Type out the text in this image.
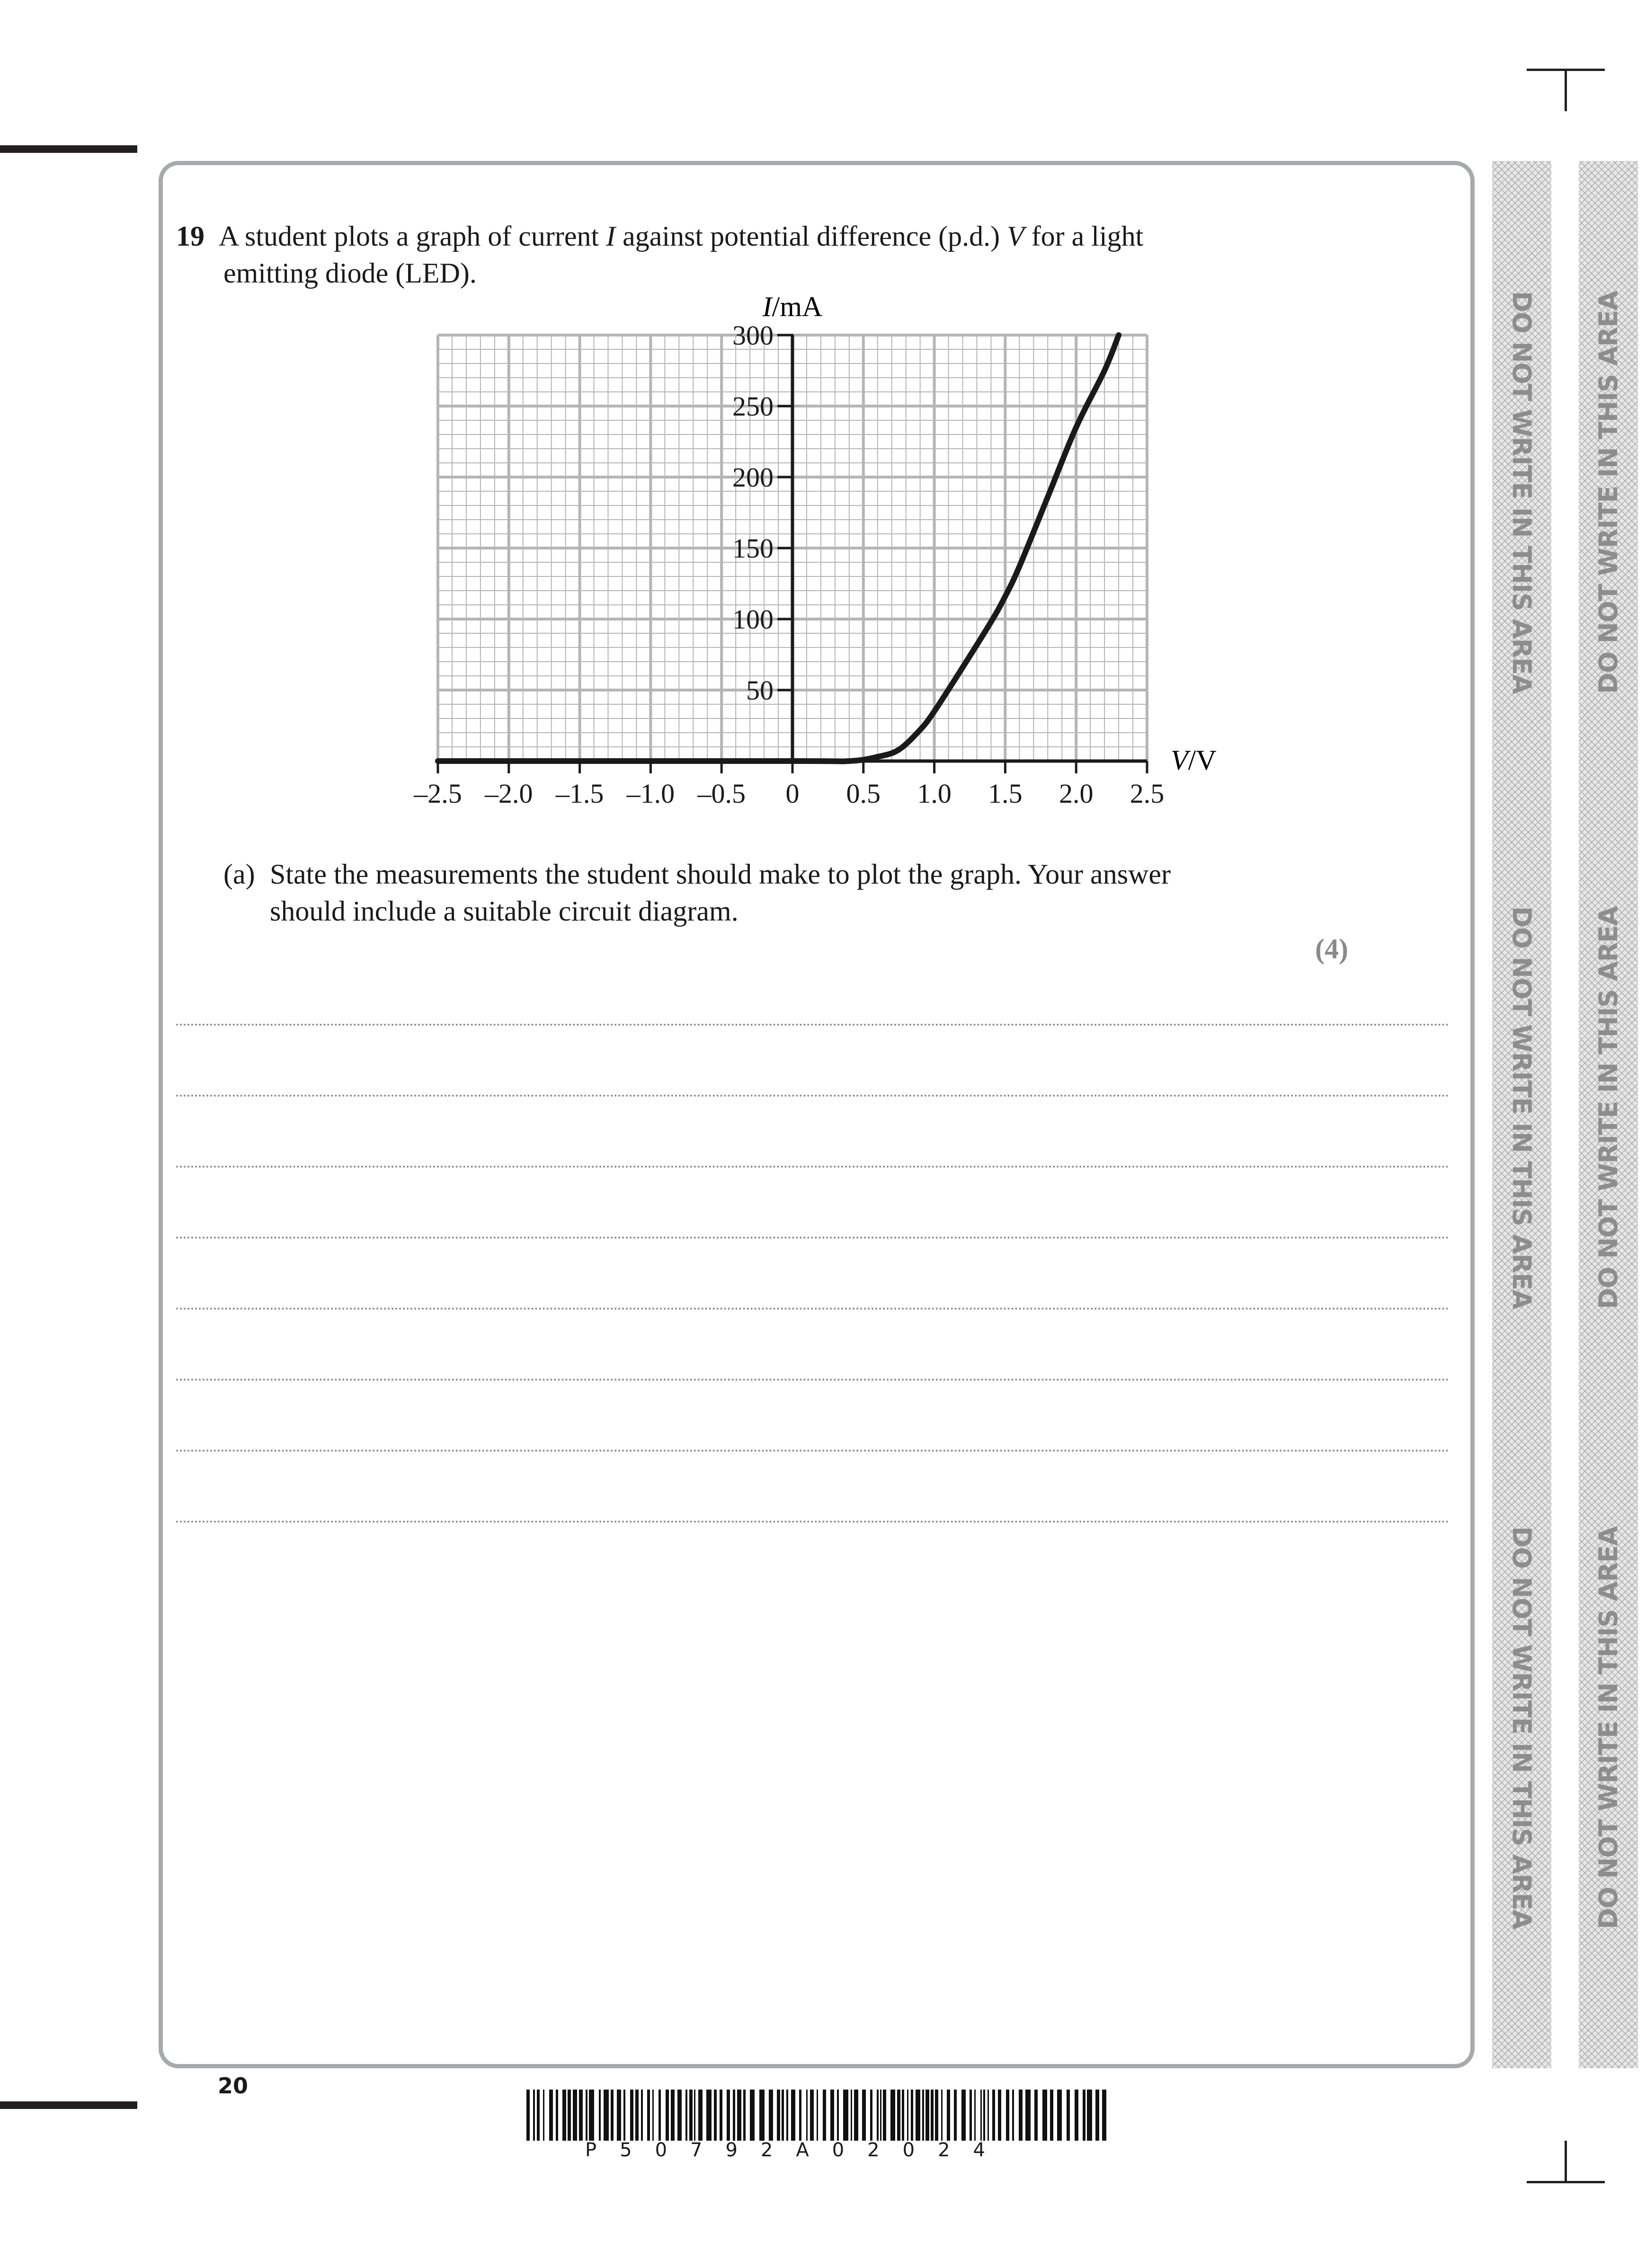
19 A student plots a graph of current I against potential difference (p.d.) V for a light
emitting diode (LED).
–2.5 –2.0 –1.5 –1.0 –0.5 0 0.5 1.0 1.5 2.0 2.5
50
100
150
200
250
300
I/mA
V/V
(a) State the measurements the student should make to plot the graph. Your answer
should include a suitable circuit diagram.
(4)
DO NOT WRITE IN THIS AREA
DO NOT WRITE IN THIS AREA
DO NOT WRITE IN THIS AREA
DO NOT WRITE IN THIS AREA
DO NOT WRITE IN THIS AREA
DO NOT WRITE IN THIS AREA
20
P50792A02024
